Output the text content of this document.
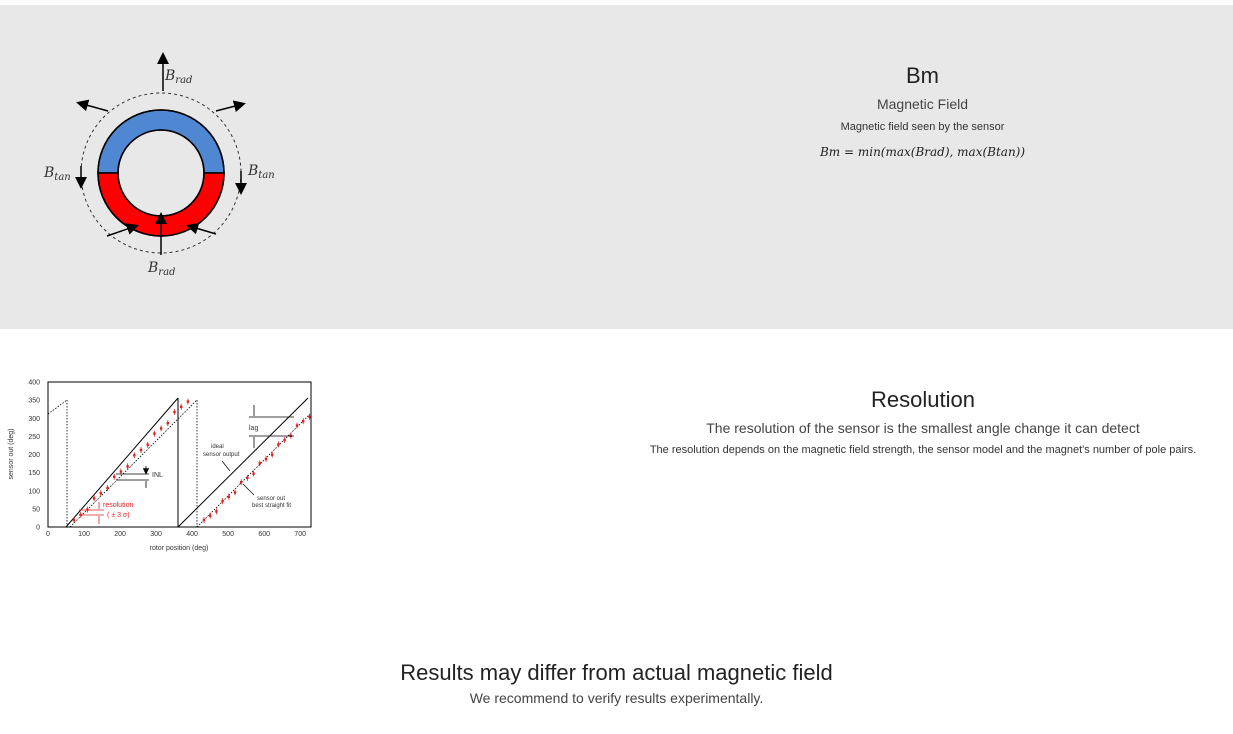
$B_{rad}$
$B_{rad}$
$B_{tan}$	$B_{tan}$
Bm
Magnetic Field
Magnetic field seen by the sensor
Bm = min(max(Brad), max(Btan))
400
350
300
250
200
150
100
50
0
0	100	200	300	400	500	600	700
INL
resolution
( ± 3 σ)
lag
ideal
sensor output
sensor out
best straight fit
rotor position (deg)
sensor out (deg)
Resolution
The resolution of the sensor is the smallest angle change it can detect
The resolution depends on the magnetic field strength, the sensor model and the magnet's number of pole pairs.
Results may differ from actual magnetic field
We recommend to verify results experimentally.
